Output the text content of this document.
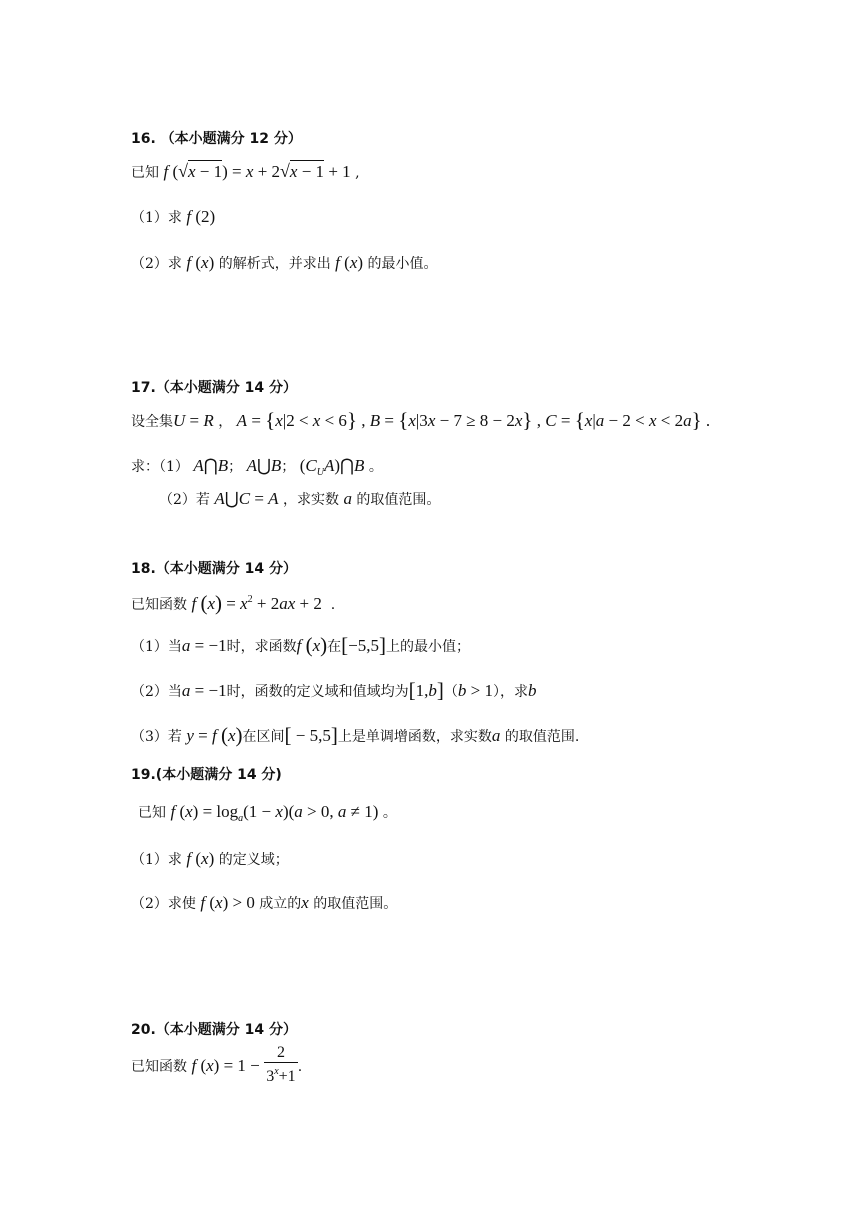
16. （本小题满分 12 分）
已知 f (√x − 1) = x + 2√x − 1 + 1 ,
（1）求 f (2)
（2）求 f (x) 的解析式，并求出 f (x) 的最小值。
17.（本小题满分 14 分）
设全集U = R ， A = {x|2 < x < 6} , B = {x|3x − 7 ≥ 8 − 2x} , C = {x|a − 2 < x < 2a} .
求：（1） A⋂B； A⋃B； $(C_UA)⋂B$ 。
（2）若 A⋃C = A ，求实数 a 的取值范围。
18.（本小题满分 14 分）
已知函数 f $(x) = x^2 + 2ax + 2$  .
（1）当a = −1时，求函数f (x)在[−5,5]上的最小值；
（2）当a = −1时，函数的定义域和值域均为[1,b]（b > 1），求b
（3）若 y = f (x)在区间[ − 5,5]上是单调增函数，求实数a 的取值范围.
19.(本小题满分 14 分)
已知 f $(x) = \log_a(1 - x)(a > 0$, a ≠ 1) 。
（1）求 f (x) 的定义域；
（2）求使 f (x) > 0 成立的x 的取值范围。
20.（本小题满分 14 分）
已知函数 f $(x) = 1 - \frac{2}{3^x+1}$ .
